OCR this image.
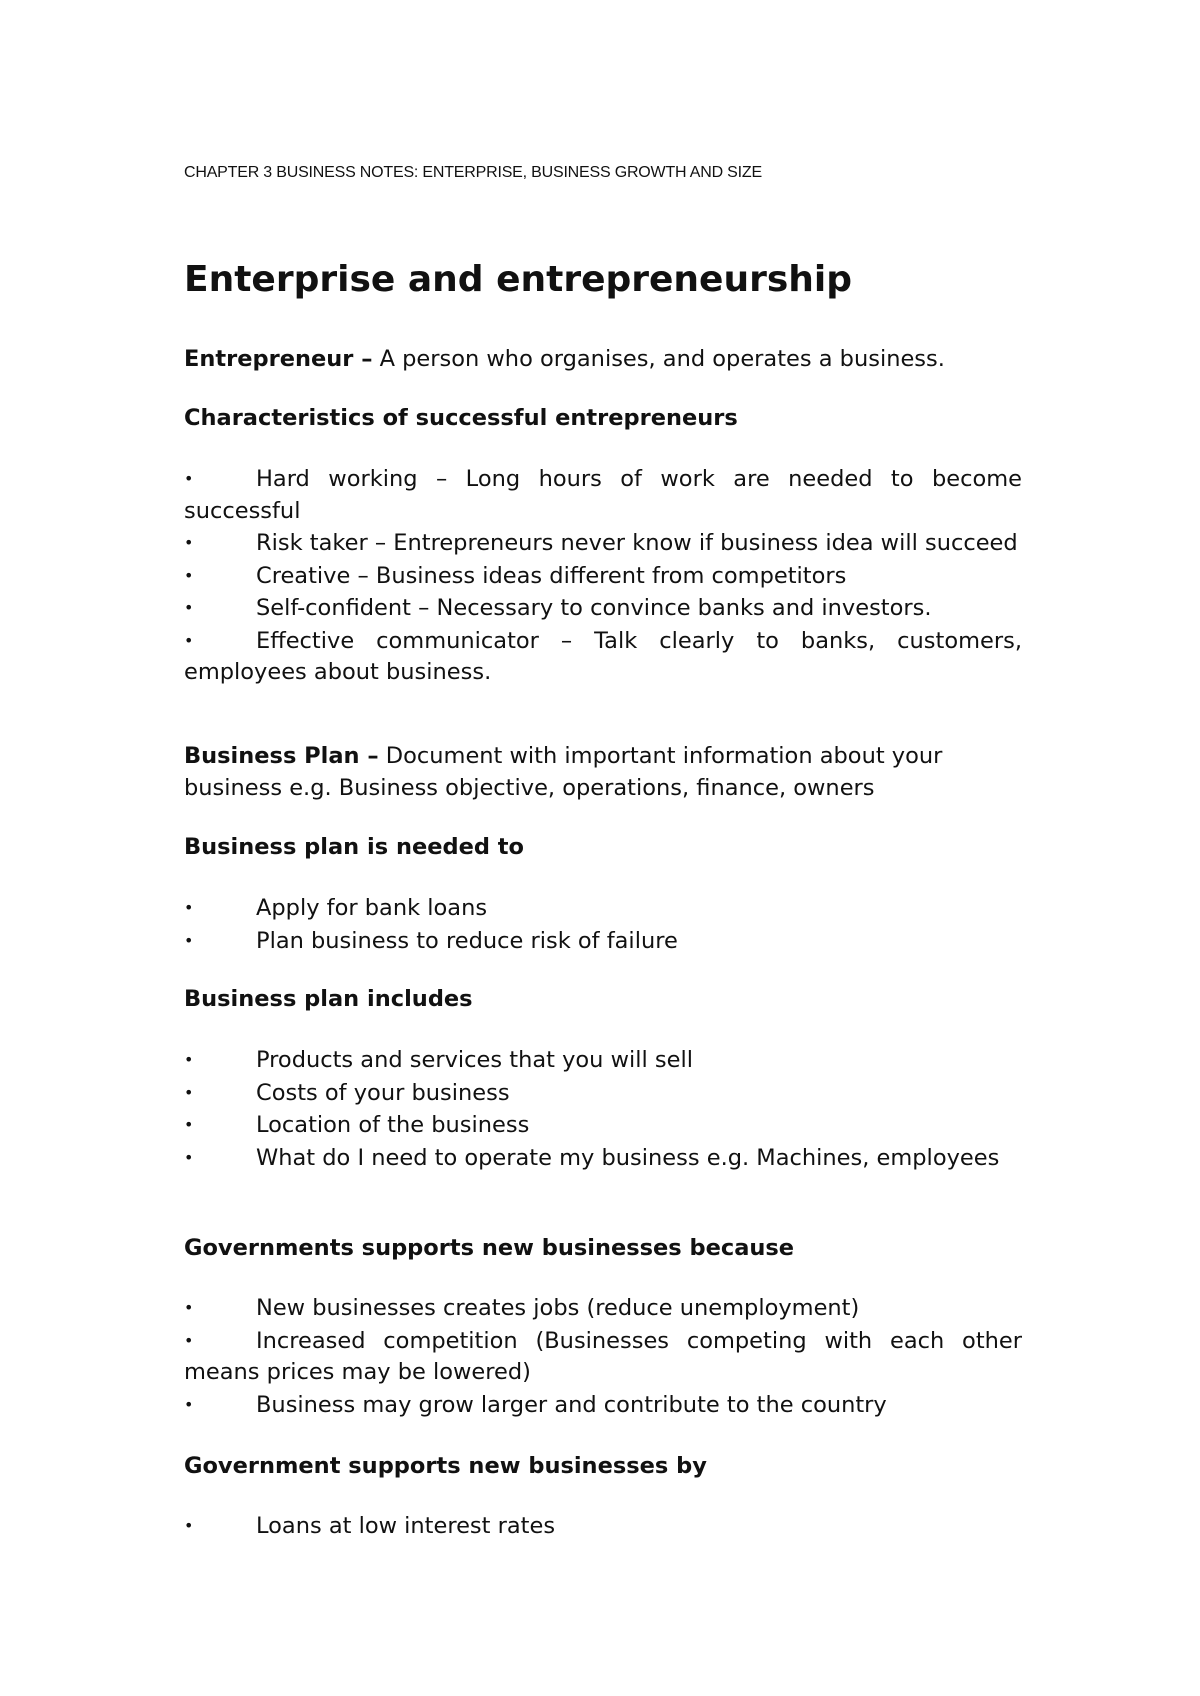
CHAPTER 3 BUSINESS NOTES: ENTERPRISE, BUSINESS GROWTH AND SIZE
Enterprise and entrepreneurship

Entrepreneur – A person who organises, and operates a business.

Characteristics of successful entrepreneurs

•	Hard working – Long hours of work are needed to become successful
•	Risk taker – Entrepreneurs never know if business idea will succeed
•	Creative – Business ideas different from competitors
•	Self-confident – Necessary to convince banks and investors.
•	Effective communicator – Talk clearly to banks, customers, employees about business.

Business Plan – Document with important information about your business e.g. Business objective, operations, finance, owners

Business plan is needed to

•	Apply for bank loans
•	Plan business to reduce risk of failure

Business plan includes

•	Products and services that you will sell
•	Costs of your business
•	Location of the business
•	What do I need to operate my business e.g. Machines, employees

Governments supports new businesses because

•	New businesses creates jobs (reduce unemployment)
•	Increased competition (Businesses competing with each other means prices may be lowered)
•	Business may grow larger and contribute to the country

Government supports new businesses by

•	Loans at low interest rates
